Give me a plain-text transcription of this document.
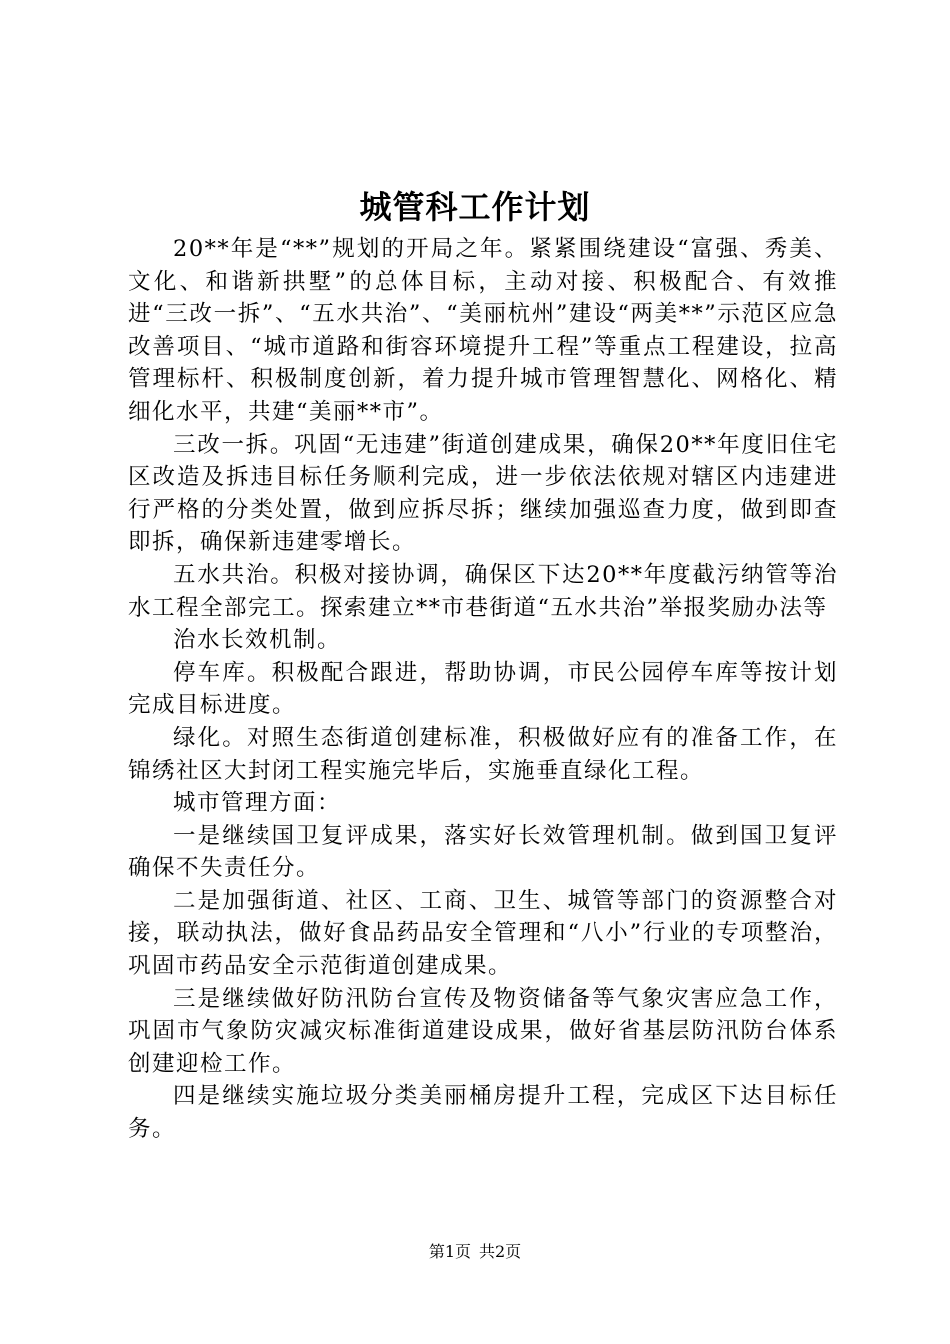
城管科工作计划

20**年是“**”规划的开局之年。紧紧围绕建设“富强、秀美、文化、和谐新拱墅”的总体目标，主动对接、积极配合、有效推进“三改一拆”、“五水共治”、“美丽杭州”建设“两美**”示范区应急改善项目、“城市道路和街容环境提升工程”等重点工程建设，拉高管理标杆、积极制度创新，着力提升城市管理智慧化、网格化、精细化水平，共建“美丽**市”。

三改一拆。巩固“无违建”街道创建成果，确保20**年度旧住宅区改造及拆违目标任务顺利完成，进一步依法依规对辖区内违建进行严格的分类处置，做到应拆尽拆；继续加强巡查力度，做到即查即拆，确保新违建零增长。

五水共治。积极对接协调，确保区下达20**年度截污纳管等治水工程全部完工。探索建立**市巷街道“五水共治”举报奖励办法等

治水长效机制。

停车库。积极配合跟进，帮助协调，市民公园停车库等按计划完成目标进度。

绿化。对照生态街道创建标准，积极做好应有的准备工作，在锦绣社区大封闭工程实施完毕后，实施垂直绿化工程。

城市管理方面：

一是继续国卫复评成果，落实好长效管理机制。做到国卫复评确保不失责任分。

二是加强街道、社区、工商、卫生、城管等部门的资源整合对接，联动执法，做好食品药品安全管理和“八小”行业的专项整治，巩固市药品安全示范街道创建成果。

三是继续做好防汛防台宣传及物资储备等气象灾害应急工作，巩固市气象防灾减灾标准街道建设成果，做好省基层防汛防台体系创建迎检工作。

四是继续实施垃圾分类美丽桶房提升工程，完成区下达目标任务。

第1页 共2页
